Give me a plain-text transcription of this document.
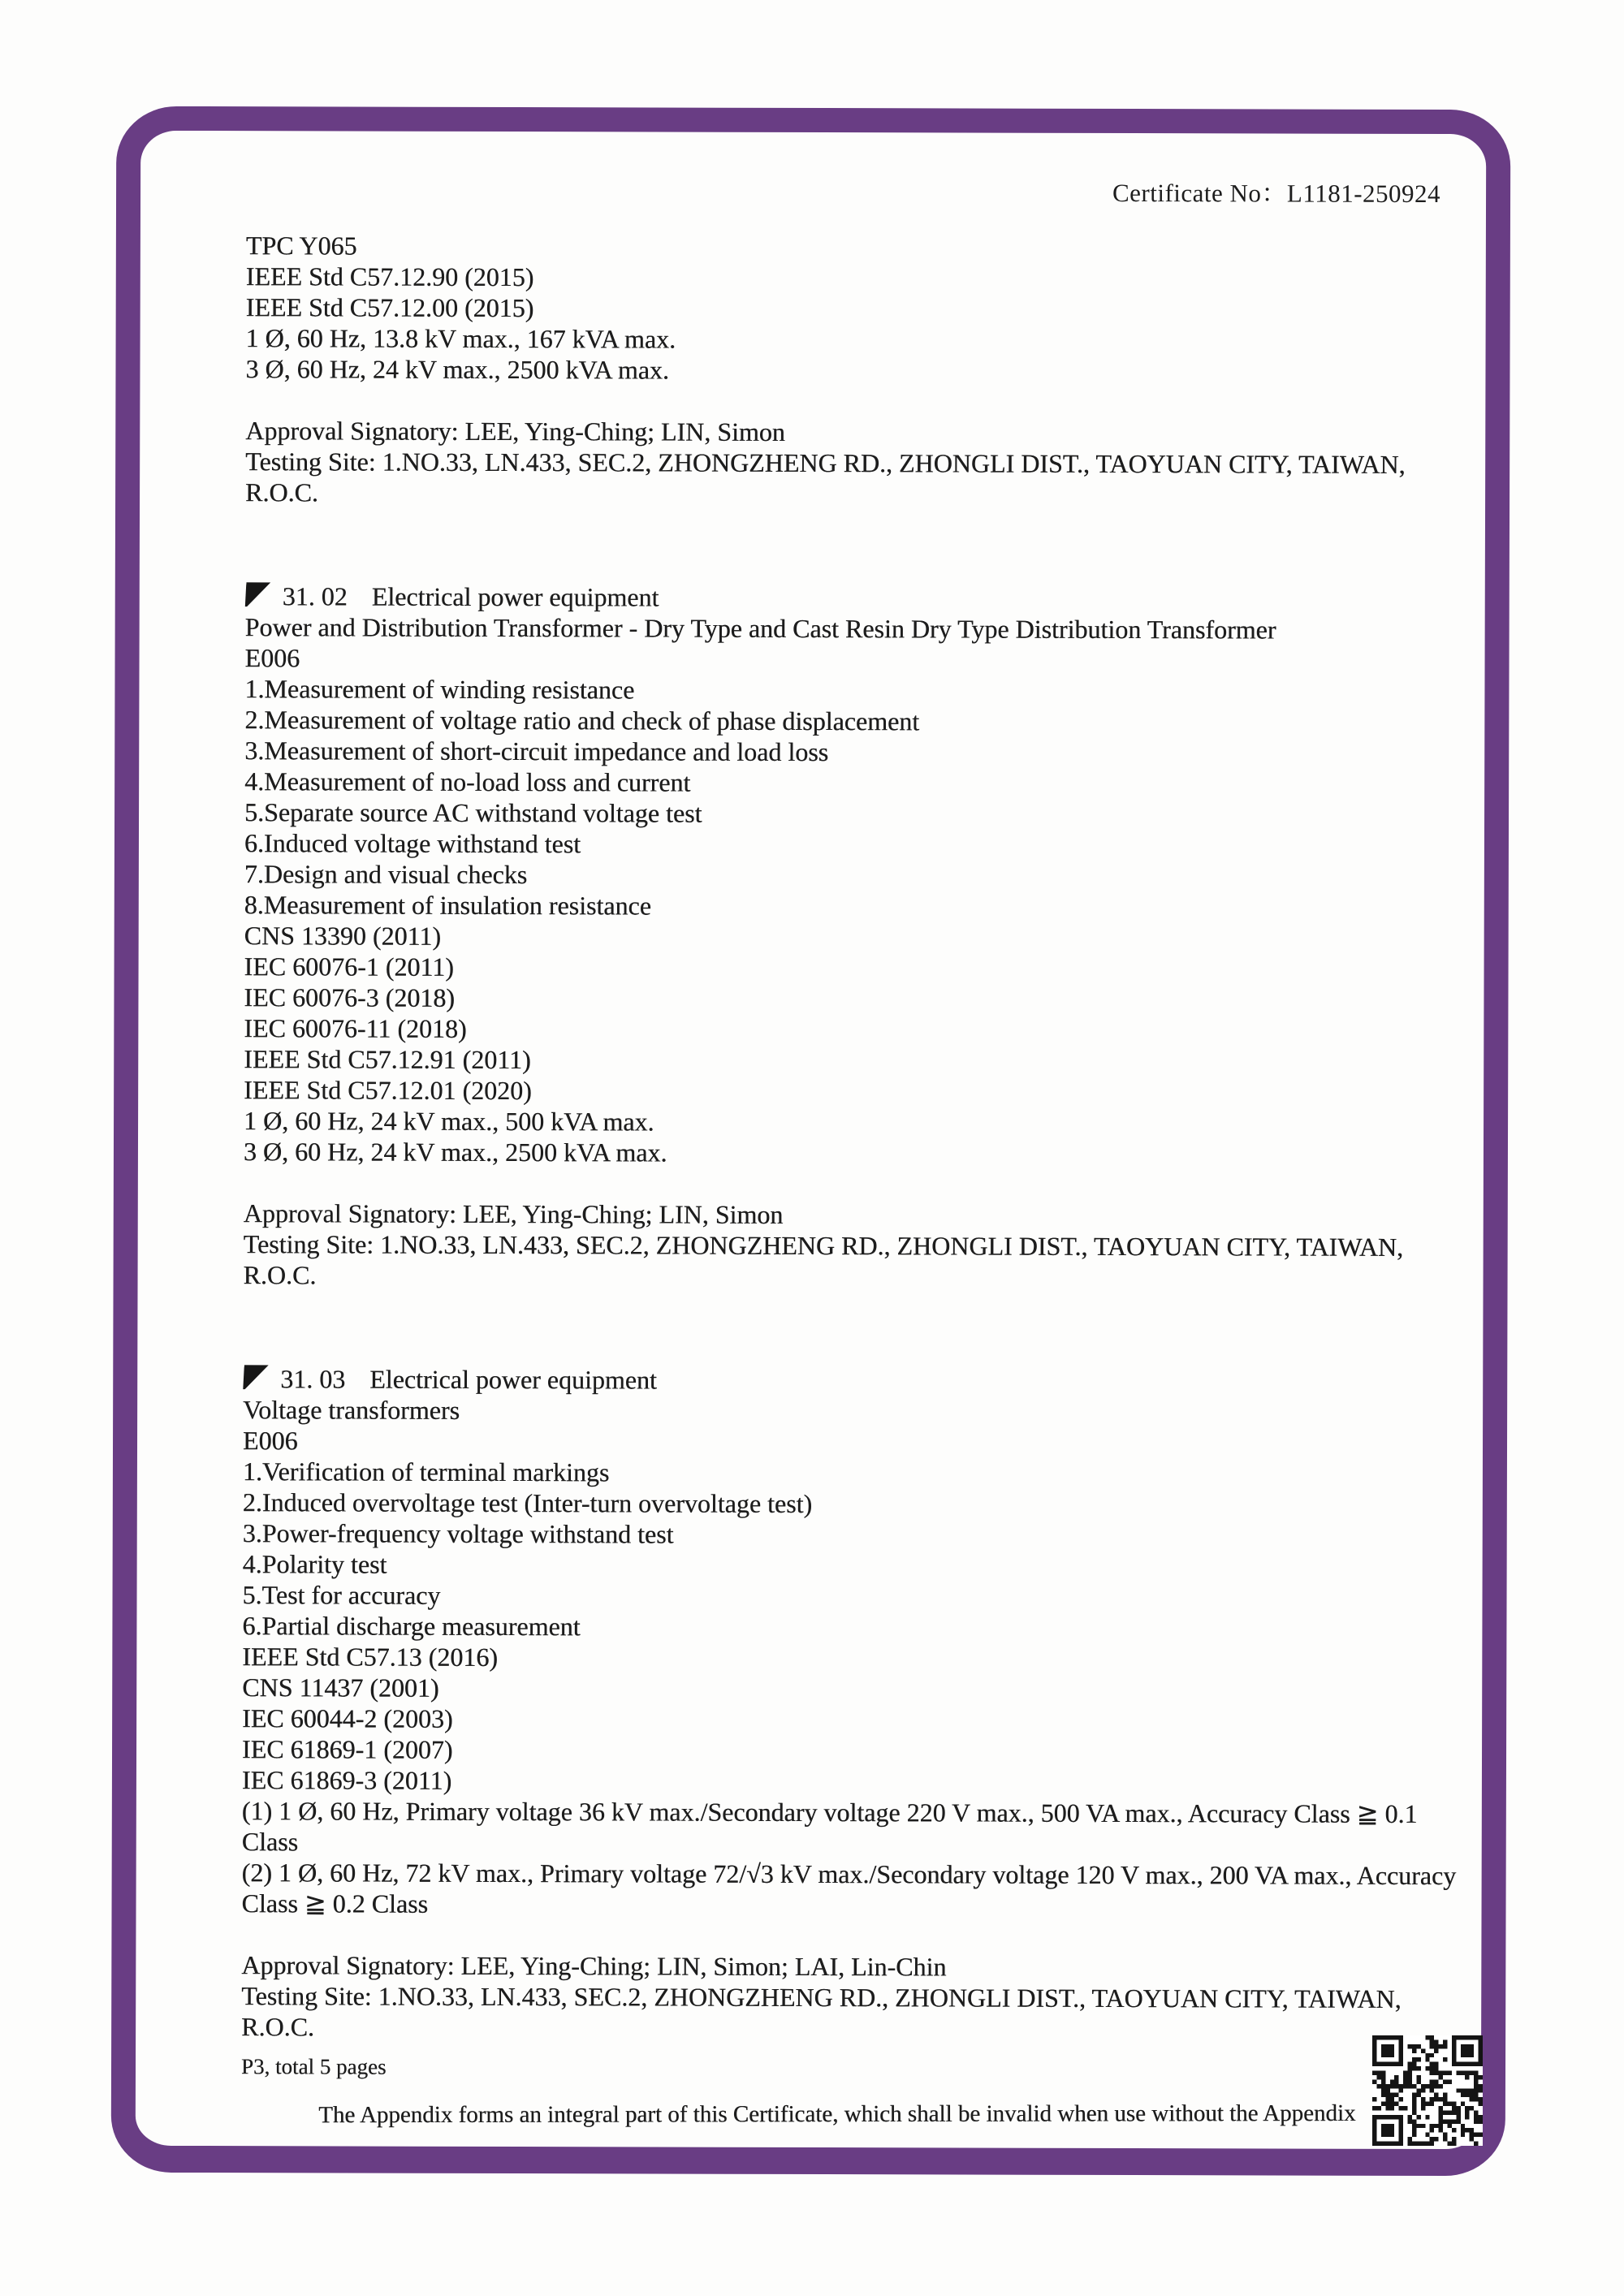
Certificate No：L1181-250924
TPC Y065
IEEE Std C57.12.90 (2015)
IEEE Std C57.12.00 (2015)
1 Ø, 60 Hz, 13.8 kV max., 167 kVA max.
3 Ø, 60 Hz, 24 kV max., 2500 kVA max.
Approval Signatory: LEE, Ying-Ching; LIN, Simon
Testing Site: 1.NO.33, LN.433, SEC.2, ZHONGZHENG RD., ZHONGLI DIST., TAOYUAN CITY, TAIWAN, R.O.C.
31. 02 Electrical power equipment
Power and Distribution Transformer - Dry Type and Cast Resin Dry Type Distribution Transformer
E006
1.Measurement of winding resistance
2.Measurement of voltage ratio and check of phase displacement
3.Measurement of short-circuit impedance and load loss
4.Measurement of no-load loss and current
5.Separate source AC withstand voltage test
6.Induced voltage withstand test
7.Design and visual checks
8.Measurement of insulation resistance
CNS 13390 (2011)
IEC 60076-1 (2011)
IEC 60076-3 (2018)
IEC 60076-11 (2018)
IEEE Std C57.12.91 (2011)
IEEE Std C57.12.01 (2020)
1 Ø, 60 Hz, 24 kV max., 500 kVA max.
3 Ø, 60 Hz, 24 kV max., 2500 kVA max.
Approval Signatory: LEE, Ying-Ching; LIN, Simon
Testing Site: 1.NO.33, LN.433, SEC.2, ZHONGZHENG RD., ZHONGLI DIST., TAOYUAN CITY, TAIWAN, R.O.C.
31. 03 Electrical power equipment
Voltage transformers
E006
1.Verification of terminal markings
2.Induced overvoltage test (Inter-turn overvoltage test)
3.Power-frequency voltage withstand test
4.Polarity test
5.Test for accuracy
6.Partial discharge measurement
IEEE Std C57.13 (2016)
CNS 11437 (2001)
IEC 60044-2 (2003)
IEC 61869-1 (2007)
IEC 61869-3 (2011)
(1) 1 Ø, 60 Hz, Primary voltage 36 kV max./Secondary voltage 220 V max., 500 VA max., Accuracy Class ≧ 0.1 Class
(2) 1 Ø, 60 Hz, 72 kV max., Primary voltage 72/√3 kV max./Secondary voltage 120 V max., 200 VA max., Accuracy Class ≧ 0.2 Class
Approval Signatory: LEE, Ying-Ching; LIN, Simon; LAI, Lin-Chin
Testing Site: 1.NO.33, LN.433, SEC.2, ZHONGZHENG RD., ZHONGLI DIST., TAOYUAN CITY, TAIWAN, R.O.C.
P3, total 5 pages
The Appendix forms an integral part of this Certificate, which shall be invalid when use without the Appendix
